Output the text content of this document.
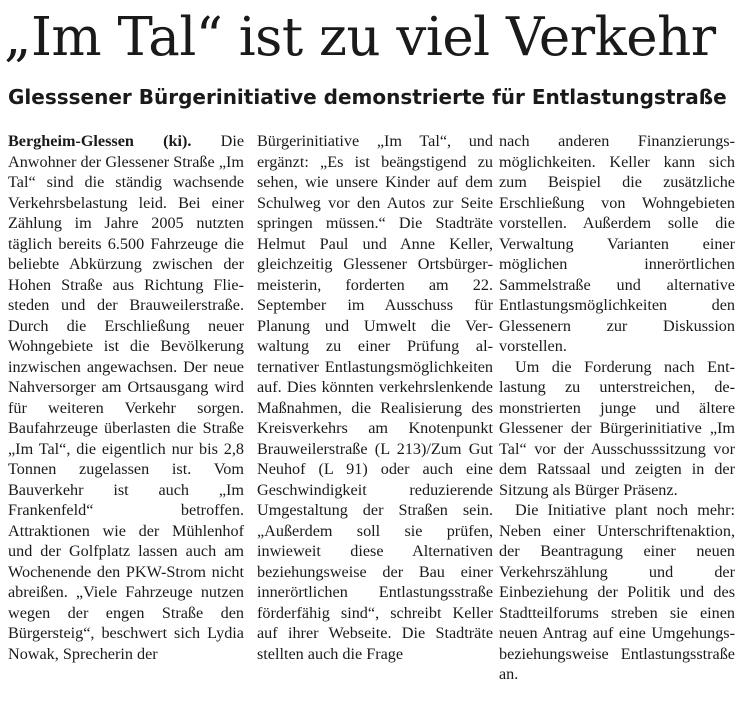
„Im Tal“ ist zu viel Verkehr
Glesssener Bürgerinitiative demonstrierte für Entlastungstraße

Bergheim-Glessen (ki). Die Anwohner der Glessener Straße „Im Tal“ sind die ständig wachsende Verkehrsbelastung leid. Bei einer Zählung im Jahre 2005 nutzten täglich bereits 6.500 Fahrzeuge die beliebte Abkürzung zwischen der Hohen Straße aus Richtung Fliesteden und der Brauweilerstraße. Durch die Erschließung neuer Wohngebiete ist die Bevölkerung inzwischen angewachsen. Der neue Nahversorger am Ortsausgang wird für weiteren Verkehr sorgen. Baufahrzeuge überlasten die Straße „Im Tal“, die eigentlich nur bis 2,8 Tonnen zugelassen ist. Vom Bauverkehr ist auch „Im Frankenfeld“ betroffen. Attraktionen wie der Mühlenhof und der Golfplatz lassen auch am Wochenende den PKW-Strom nicht abreißen. „Viele Fahrzeuge nutzen wegen der engen Straße den Bürgersteig“, beschwert sich Lydia Nowak, Sprecherin der

Bürgerinitiative „Im Tal“, und ergänzt: „Es ist beängstigend zu sehen, wie unsere Kinder auf dem Schulweg vor den Autos zur Seite springen müssen.“ Die Stadträte Helmut Paul und Anne Keller, gleichzeitig Glessener Ortsbürgermeisterin, forderten am 22. September im Ausschuss für Planung und Umwelt die Verwaltung zu einer Prüfung alternativer Entlastungsmöglichkeiten auf. Dies könnten verkehrslenkende Maßnahmen, die Realisierung des Kreisverkehrs am Knotenpunkt Brauweilerstraße (L 213)/Zum Gut Neuhof (L 91) oder auch eine Geschwindigkeit reduzierende Umgestaltung der Straßen sein. „Außerdem soll sie prüfen, inwieweit diese Alternativen beziehungsweise der Bau einer innerörtlichen Entlastungsstraße förderfähig sind“, schreibt Keller auf ihrer Webseite. Die Stadträte stellten auch die Frage

nach anderen Finanzierungsmöglichkeiten. Keller kann sich zum Beispiel die zusätzliche Erschließung von Wohngebieten vorstellen. Außerdem solle die Verwaltung Varianten einer möglichen innerörtlichen Sammelstraße und alternative Entlastungsmöglichkeiten den Glessenern zur Diskussion vorstellen.

Um die Forderung nach Entlastung zu unterstreichen, demonstrierten junge und ältere Glessener der Bürgerinitiative „Im Tal“ vor der Ausschusssitzung vor dem Ratssaal und zeigten in der Sitzung als Bürger Präsenz.

Die Initiative plant noch mehr: Neben einer Unterschriftenaktion, der Beantragung einer neuen Verkehrszählung und der Einbeziehung der Politik und des Stadtteilforums streben sie einen neuen Antrag auf eine Umgehungsbeziehungsweise Entlastungsstraße an.
